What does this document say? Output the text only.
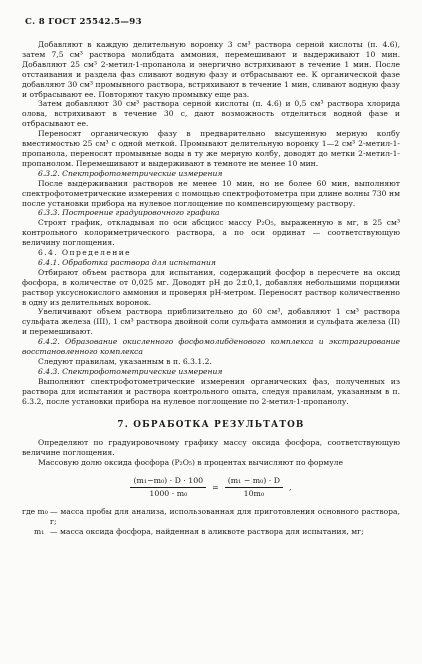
С. 8 ГОСТ 25542.5—93

Добавляют в каждую делительную воронку 3 см³ раствора серной кислоты (п. 4.6), затем 7,5 см³ раствора молибдата аммония, перемешивают и выдерживают 10 мин. Добавляют 25 см³ 2-метил-1-пропанола и энергично встряхивают в течение 1 мин. После отстаивания и раздела фаз сливают водную фазу и отбрасывают ее. К органической фазе добавляют 30 см³ промывного раствора, встряхивают в течение 1 мин, сливают водную фазу и отбрасывают ее. Повторяют такую промывку еще раз.

Затем добавляют 30 см³ раствора серной кислоты (п. 4.6) и 0,5 см³ раствора хлорида олова, встряхивают в течение 30 с, дают возможность отделиться водной фазе и отбрасывают ее.

Переносят органическую фазу в предварительно высушенную мерную колбу вместимостью 25 см³ с одной меткой. Промывают делительную воронку 1—2 см³ 2-метил-1-пропанола, переносят промывные воды в ту же мерную колбу, доводят до метки 2-метил-1-пропанолом. Перемешивают и выдерживают в темноте не менее 10 мин.

6.3.2. Спектрофотометрические измерения

После выдерживания растворов не менее 10 мин, но не более 60 мин, выполняют спектрофотометрические измерения с помощью спектрофотометра при длине волны 730 нм после установки прибора на нулевое поглощение по компенсирующему раствору.

6.3.3. Построение градуировочного графика

Строят график, откладывая по оси абсцисс массу P₂O₅, выраженную в мг, в 25 см³ контрольного колориметрического раствора, а по оси ординат — соответствующую величину поглощения.

6.4. Определение

6.4.1. Обработка раствора для испытания

Отбирают объем раствора для испытания, содержащий фосфор в пересчете на оксид фосфора, в количестве от 0,025 мг. Доводят pH до 2±0,1, добавляя небольшими порциями раствор уксуснокислого аммония и проверяя pH-метром. Переносят раствор количественно в одну из делительных воронок.

Увеличивают объем раствора приблизительно до 60 см³, добавляют 1 см³ раствора сульфата железа (III), 1 см³ раствора двойной соли сульфата аммония и сульфата железа (II) и перемешивают.

6.4.2. Образование окисленного фосфомолибденового комплекса и экстрагирование восстановленного комплекса

Следуют правилам, указанным в п. 6.3.1.2.

6.4.3. Спектрофотометрические измерения

Выполняют спектрофотометрические измерения органических фаз, полученных из раствора для испытания и раствора контрольного опыта, следуя правилам, указанным в п. 6.3.2, после установки прибора на нулевое поглощение по 2-метил-1-пропанолу.

7. ОБРАБОТКА РЕЗУЛЬТАТОВ

Определяют по градуировочному графику массу оксида фосфора, соответствующую величине поглощения.

Массовую долю оксида фосфора (P₂O₅) в процентах вычисляют по формуле

$\frac{\text{(m₁−m₀) · D · 100}}{\text{1000 · m₀}} = \frac{\text{(m₁ − m₀) · D}}{\text{10m₀}}$ ,
где m₀ — масса пробы для анализа, использованная для приготовления основного раствора, г;
m₁ — масса оксида фосфора, найденная в аликвоте раствора для испытания, мг;
